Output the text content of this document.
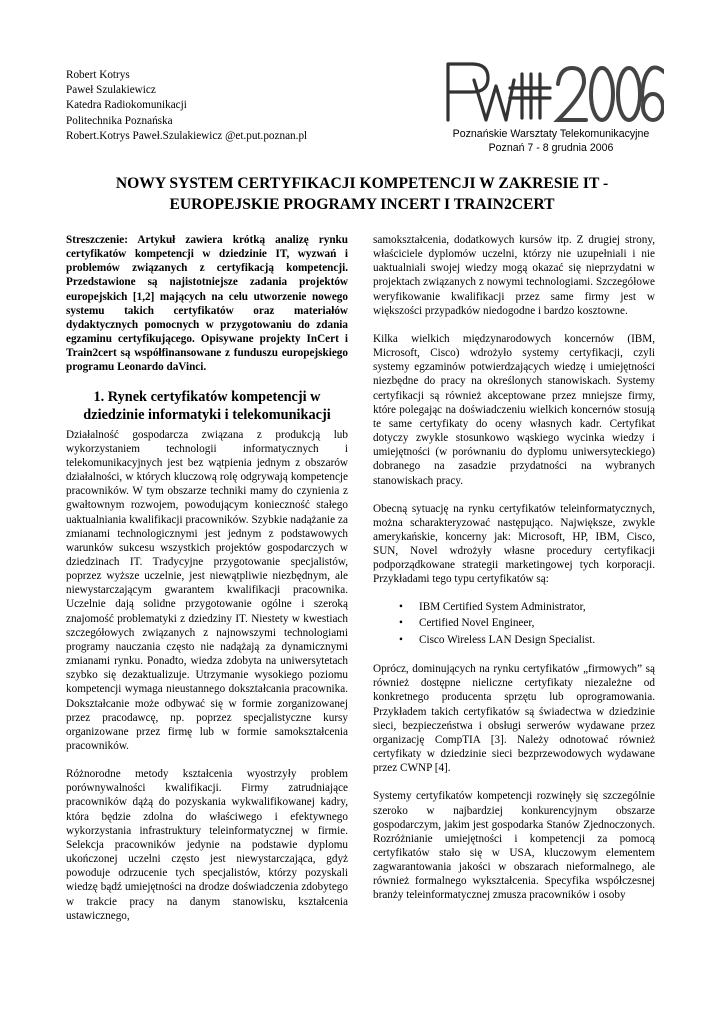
Robert Kotrys
Paweł Szulakiewicz
Katedra Radiokomunikacji
Politechnika Poznańska
Robert.Kotrys Paweł.Szulakiewicz @et.put.poznan.pl	Poznańskie Warsztaty Telekomunikacyjne
Poznań 7 - 8 grudnia 2006
NOWY SYSTEM CERTYFIKACJI KOMPETENCJI W ZAKRESIE IT -
EUROPEJSKIE PROGRAMY INCERT I TRAIN2CERT

Streszczenie: Artykuł zawiera krótką analizę rynku certyfikatów kompetencji w dziedzinie IT, wyzwań i problemów związanych z certyfikacją kompetencji. Przedstawione są najistotniejsze zadania projektów europejskich [1,2] mających na celu utworzenie nowego systemu takich certyfikatów oraz materiałów dydaktycznych pomocnych w przygotowaniu do zdania egzaminu certyfikującego. Opisywane projekty InCert i Train2cert są współfinansowane z funduszu europejskiego programu Leonardo daVinci.

1. Rynek certyfikatów kompetencji w
dziedzinie informatyki i telekomunikacji

Działalność gospodarcza związana z produkcją lub wykorzystaniem technologii informatycznych i telekomunikacyjnych jest bez wątpienia jednym z obszarów działalności, w których kluczową rolę odgrywają kompetencje pracowników. W tym obszarze techniki mamy do czynienia z gwałtownym rozwojem, powodującym konieczność stałego uaktualniania kwalifikacji pracowników. Szybkie nadążanie za zmianami technologicznymi jest jednym z podstawowych warunków sukcesu wszystkich projektów gospodarczych w dziedzinach IT. Tradycyjne przygotowanie specjalistów, poprzez wyższe uczelnie, jest niewątpliwie niezbędnym, ale niewystarczającym gwarantem kwalifikacji pracownika. Uczelnie dają solidne przygotowanie ogólne i szeroką znajomość problematyki z dziedziny IT. Niestety w kwestiach szczegółowych związanych z najnowszymi technologiami programy nauczania często nie nadążają za dynamicznymi zmianami rynku. Ponadto, wiedza zdobyta na uniwersytetach szybko się dezaktualizuje. Utrzymanie wysokiego poziomu kompetencji wymaga nieustannego dokształcania pracownika. Dokształcanie może odbywać się w formie zorganizowanej przez pracodawcę, np. poprzez specjalistyczne kursy organizowane przez firmę lub w formie samokształcenia pracowników.

Różnorodne metody kształcenia wyostrzyły problem porównywalności kwalifikacji. Firmy zatrudniające pracowników dążą do pozyskania wykwalifikowanej kadry, która będzie zdolna do właściwego i efektywnego wykorzystania infrastruktury teleinformatycznej w firmie. Selekcja pracowników jedynie na podstawie dyplomu ukończonej uczelni często jest niewystarczająca, gdyż powoduje odrzucenie tych specjalistów, którzy pozyskali wiedzę bądź umiejętności na drodze doświadczenia zdobytego w trakcie pracy na danym stanowisku, kształcenia ustawicznego,

samokształcenia, dodatkowych kursów itp. Z drugiej strony, właściciele dyplomów uczelni, którzy nie uzupełniali i nie uaktualniali swojej wiedzy mogą okazać się nieprzydatni w projektach związanych z nowymi technologiami. Szczegółowe weryfikowanie kwalifikacji przez same firmy jest w większości przypadków niedogodne i bardzo kosztowne.

Kilka wielkich międzynarodowych koncernów (IBM, Microsoft, Cisco) wdrożyło systemy certyfikacji, czyli systemy egzaminów potwierdzających wiedzę i umiejętności niezbędne do pracy na określonych stanowiskach. Systemy certyfikacji są również akceptowane przez mniejsze firmy, które polegając na doświadczeniu wielkich koncernów stosują te same certyfikaty do oceny własnych kadr. Certyfikat dotyczy zwykle stosunkowo wąskiego wycinka wiedzy i umiejętności (w porównaniu do dyplomu uniwersyteckiego) dobranego na zasadzie przydatności na wybranych stanowiskach pracy.

Obecną sytuację na rynku certyfikatów teleinformatycznych, można scharakteryzować następująco. Największe, zwykle amerykańskie, koncerny jak: Microsoft, HP, IBM, Cisco, SUN, Novel wdrożyły własne procedury certyfikacji podporządkowane strategii marketingowej tych korporacji. Przykładami tego typu certyfikatów są:

• IBM Certified System Administrator,
• Certified Novel Engineer,
• Cisco Wireless LAN Design Specialist.

Oprócz, dominujących na rynku certyfikatów „firmowych” są również dostępne nieliczne certyfikaty niezależne od konkretnego producenta sprzętu lub oprogramowania. Przykładem takich certyfikatów są świadectwa w dziedzinie sieci, bezpieczeństwa i obsługi serwerów wydawane przez organizację CompTIA [3]. Należy odnotować również certyfikaty w dziedzinie sieci bezprzewodowych wydawane przez CWNP [4].

Systemy certyfikatów kompetencji rozwinęły się szczególnie szeroko w najbardziej konkurencyjnym obszarze gospodarczym, jakim jest gospodarka Stanów Zjednoczonych. Rozróżnianie umiejętności i kompetencji za pomocą certyfikatów stało się w USA, kluczowym elementem zagwarantowania jakości w obszarach nieformalnego, ale również formalnego wykształcenia. Specyfika współczesnej branży teleinformatycznej zmusza pracowników i osoby
